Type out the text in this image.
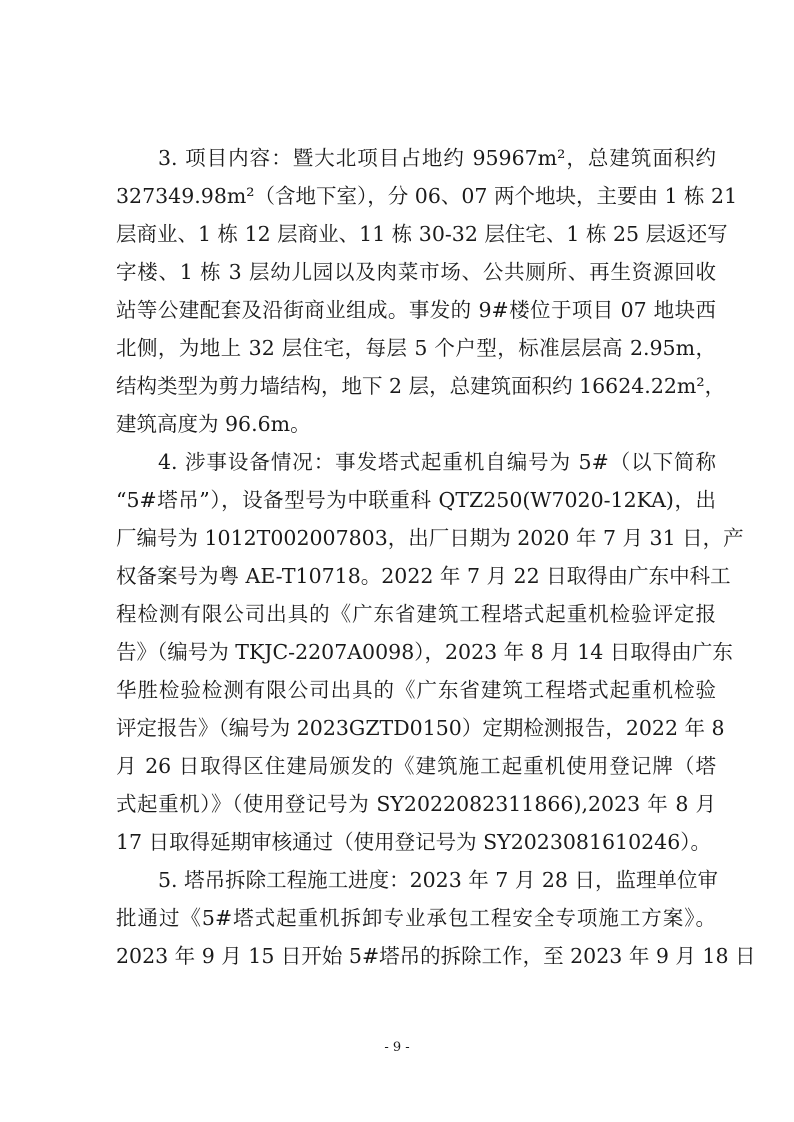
3. 项目内容：暨大北项目占地约 95967m²，总建筑面积约
327349.98m²（含地下室），分 06、07 两个地块，主要由 1 栋 21
层商业、1 栋 12 层商业、11 栋 30-32 层住宅、1 栋 25 层返还写
字楼、1 栋 3 层幼儿园以及肉菜市场、公共厕所、再生资源回收
站等公建配套及沿街商业组成。事发的 9#楼位于项目 07 地块西
北侧，为地上 32 层住宅，每层 5 个户型，标准层层高 2.95m，
结构类型为剪力墙结构，地下 2 层，总建筑面积约 16624.22m²，
建筑高度为 96.6m。
4. 涉事设备情况：事发塔式起重机自编号为 5#（以下简称
“5#塔吊”），设备型号为中联重科 QTZ250(W7020-12KA)，出
厂编号为 1012T002007803，出厂日期为 2020 年 7 月 31 日，产
权备案号为粤 AE-T10718。2022 年 7 月 22 日取得由广东中科工
程检测有限公司出具的《广东省建筑工程塔式起重机检验评定报
告》（编号为 TKJC-2207A0098），2023 年 8 月 14 日取得由广东
华胜检验检测有限公司出具的《广东省建筑工程塔式起重机检验
评定报告》（编号为 2023GZTD0150）定期检测报告，2022 年 8
月 26 日取得区住建局颁发的《建筑施工起重机使用登记牌（塔
式起重机）》（使用登记号为 SY2022082311866),2023 年 8 月
17 日取得延期审核通过（使用登记号为 SY2023081610246）。
5. 塔吊拆除工程施工进度：2023 年 7 月 28 日，监理单位审
批通过《5#塔式起重机拆卸专业承包工程安全专项施工方案》。
2023 年 9 月 15 日开始 5#塔吊的拆除工作，至 2023 年 9 月 18 日
- 9 -
